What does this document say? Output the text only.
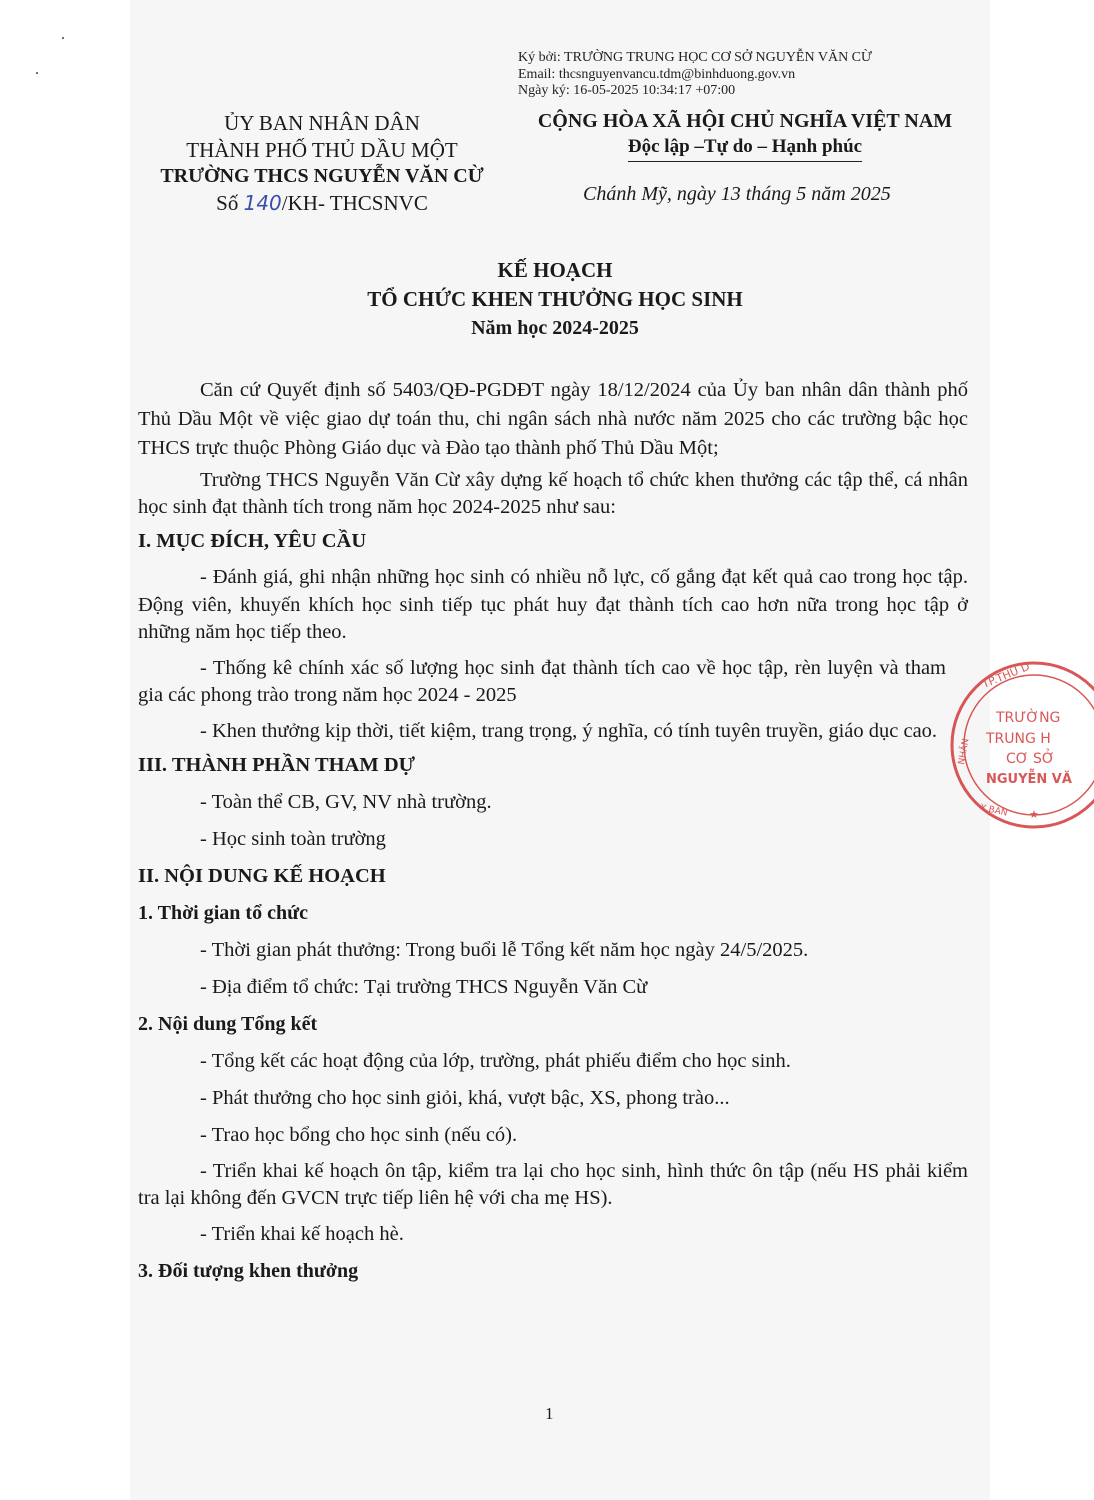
Ký bởi: TRƯỜNG TRUNG HỌC CƠ SỞ NGUYỄN VĂN CỪ
Email: thcsnguyenvancu.tdm@binhduong.gov.vn
Ngày ký: 16-05-2025 10:34:17 +07:00
ỦY BAN NHÂN DÂN
THÀNH PHỐ THỦ DẦU MỘT
TRƯỜNG THCS NGUYỄN VĂN CỪ
Số 140/KH- THCSNVC
CỘNG HÒA XÃ HỘI CHỦ NGHĨA VIỆT NAM
Độc lập –Tự do – Hạnh phúc
Chánh Mỹ, ngày 13 tháng 5 năm 2025
KẾ HOẠCH
TỔ CHỨC KHEN THƯỞNG HỌC SINH
Năm học 2024-2025

Căn cứ Quyết định số 5403/QĐ-PGDĐT ngày 18/12/2024 của Ủy ban nhân dân thành phố Thủ Dầu Một về việc giao dự toán thu, chi ngân sách nhà nước năm 2025 cho các trường bậc học THCS trực thuộc Phòng Giáo dục và Đào tạo thành phố Thủ Dầu Một;

Trường THCS Nguyễn Văn Cừ xây dựng kế hoạch tổ chức khen thưởng các tập thể, cá nhân học sinh đạt thành tích trong năm học 2024-2025 như sau:

I. MỤC ĐÍCH, YÊU CẦU

- Đánh giá, ghi nhận những học sinh có nhiều nỗ lực, cố gắng đạt kết quả cao trong học tập. Động viên, khuyến khích học sinh tiếp tục phát huy đạt thành tích cao hơn nữa trong học tập ở những năm học tiếp theo.

- Thống kê chính xác số lượng học sinh đạt thành tích cao về học tập, rèn luyện và tham gia các phong trào trong năm học 2024 - 2025

- Khen thưởng kịp thời, tiết kiệm, trang trọng, ý nghĩa, có tính tuyên truyền, giáo dục cao.

III. THÀNH PHẦN THAM DỰ

- Toàn thể CB, GV, NV nhà trường.

- Học sinh toàn trường

II. NỘI DUNG KẾ HOẠCH

1. Thời gian tổ chức

- Thời gian phát thưởng: Trong buổi lễ Tổng kết năm học ngày 24/5/2025.

- Địa điểm tổ chức: Tại trường THCS Nguyễn Văn Cừ

2. Nội dung Tổng kết

- Tổng kết các hoạt động của lớp, trường, phát phiếu điểm cho học sinh.

- Phát thưởng cho học sinh giỏi, khá, vượt bậc, XS, phong trào...

- Trao học bổng cho học sinh (nếu có).

- Triển khai kế hoạch ôn tập, kiểm tra lại cho học sinh, hình thức ôn tập (nếu HS phải kiểm tra lại không đến GVCN trực tiếp liên hệ với cha mẹ HS).

- Triển khai kế hoạch hè.

3. Đối tượng khen thưởng

TP.THỦ D
NHÂN
TRƯỜNG
TRUNG H
CƠ SỞ
NGUYỄN VĂ
Y BAN ★
1
